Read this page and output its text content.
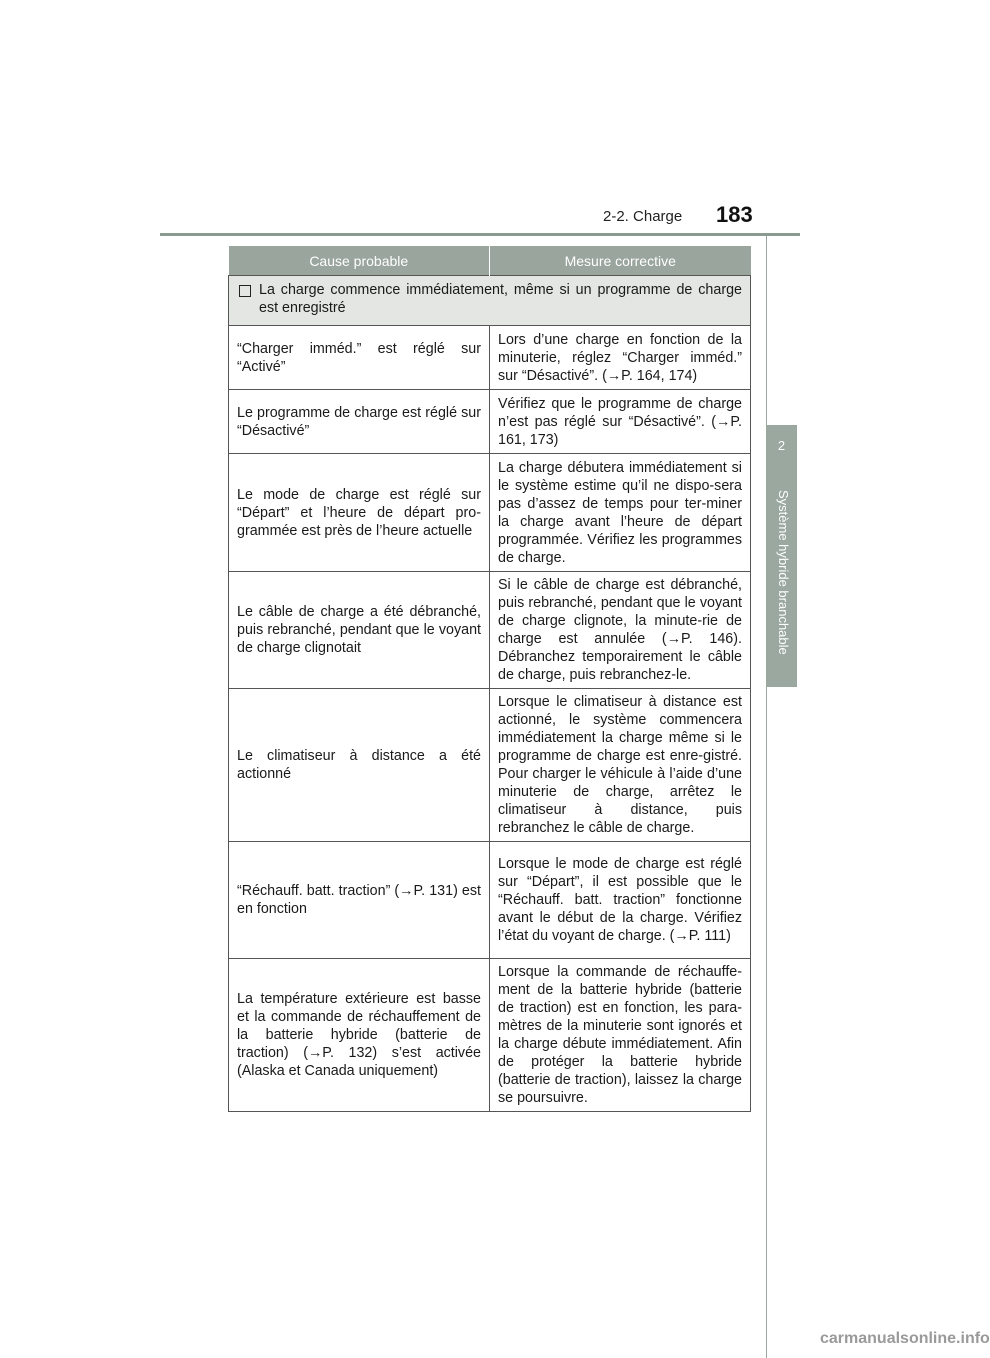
2-2. Charge 183
2
Système hybride branchable
Cause probable	Mesure corrective

La charge commence immédiatement, même si un programme de charge est enregistré	

“Charger imméd.” est réglé sur “Activé”	Lors d’une charge en fonction de la minuterie, réglez “Charger imméd.” sur “Désactivé”. (→P. 164, 174)
Le programme de charge est réglé sur “Désactivé”	Vérifiez que le programme de charge n’est pas réglé sur “Désactivé”. (→P. 161, 173)
Le mode de charge est réglé sur “Départ” et l’heure de départ pro-grammée est près de l’heure actuelle	La charge débutera immédiatement si le système estime qu’il ne dispo-sera pas d’assez de temps pour ter-miner la charge avant l’heure de départ programmée. Vérifiez les programmes de charge.
Le câble de charge a été débranché, puis rebranché, pendant que le voyant de charge clignotait	Si le câble de charge est débranché, puis rebranché, pendant que le voyant de charge clignote, la minute-rie de charge est annulée (→P. 146). Débranchez temporairement le câble de charge, puis rebranchez-le.
Le climatiseur à distance a été actionné	Lorsque le climatiseur à distance est actionné, le système commencera immédiatement la charge même si le programme de charge est enre-gistré. Pour charger le véhicule à l’aide d’une minuterie de charge, arrêtez le climatiseur à distance, puis rebranchez le câble de charge.
“Réchauff. batt. traction” (→P. 131) est en fonction	Lorsque le mode de charge est réglé sur “Départ”, il est possible que le “Réchauff. batt. traction” fonctionne avant le début de la charge. Vérifiez l’état du voyant de charge. (→P. 111)
La température extérieure est basse et la commande de réchauffement de la batterie hybride (batterie de traction) (→P. 132) s’est activée (Alaska et Canada uniquement)	Lorsque la commande de réchauffe-ment de la batterie hybride (batterie de traction) est en fonction, les para-mètres de la minuterie sont ignorés et la charge débute immédiatement. Afin de protéger la batterie hybride (batterie de traction), laissez la charge se poursuivre.
carmanualsonline.info
